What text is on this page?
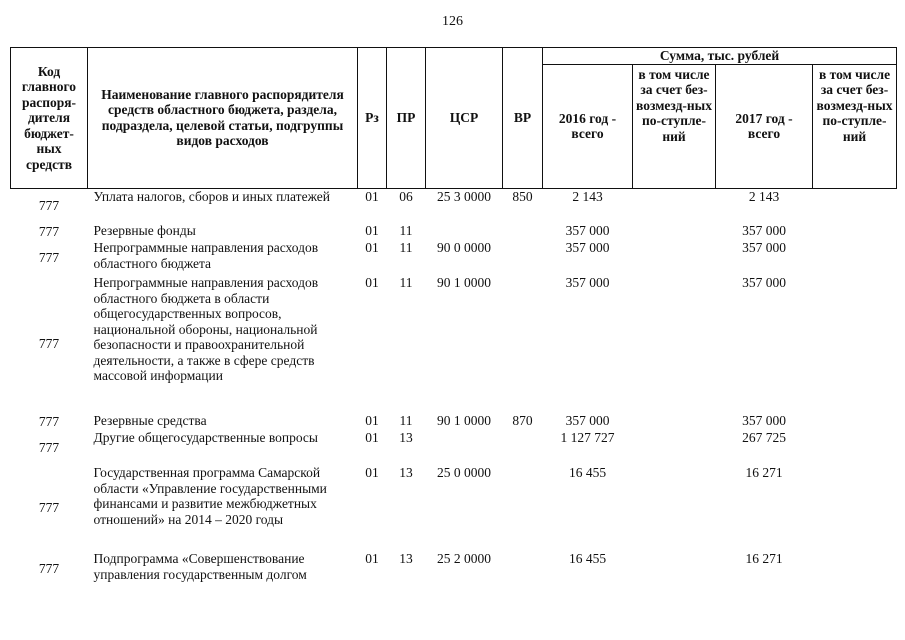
126
Код главного распоря-дителя бюджет-ных средств	Наименование главного распорядителя средств областного бюджета, раздела, подраздела, целевой статьи, подгруппы видов расходов	Рз	ПР	ЦСР	ВР	Сумма, тыс. рублей			
						2016 год - всего	в том числе за счет без-возмезд-ных по-ступле-ний	2017 год - всего	в том числе за счет без-возмезд-ных по-ступле-ний
777	Уплата налогов, сборов и иных платежей	01	06	25 3 0000	850	2 143		2 143	
777	Резервные фонды	01	11			357 000		357 000	
777	Непрограммные направления расходов областного бюджета	01	11	90 0 0000		357 000		357 000	
777	Непрограммные направления расходов областного бюджета в области общегосударственных вопросов, национальной обороны, национальной безопасности и правоохранительной деятельности, а также в сфере средств массовой информации	01	11	90 1 0000		357 000		357 000	
777	Резервные средства	01	11	90 1 0000	870	357 000		357 000	
777	Другие общегосударственные вопросы	01	13			1 127 727		267 725	
777	Государственная программа Самарской области «Управление государственными финансами и развитие межбюджетных отношений» на 2014 – 2020 годы	01	13	25 0 0000		16 455		16 271	
777	Подпрограмма «Совершенствование управления государственным долгом	01	13	25 2 0000		16 455		16 271	
